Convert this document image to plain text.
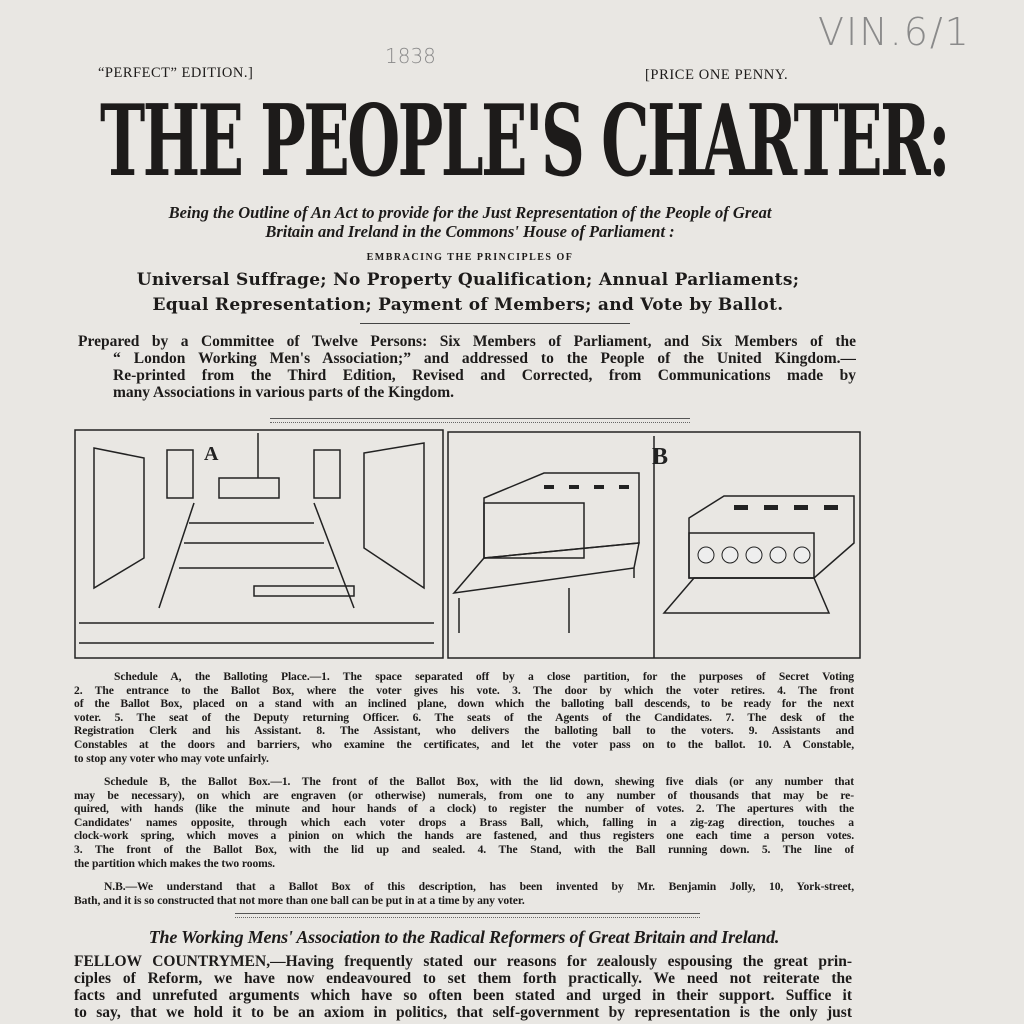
VIN.6/1
1838
“PERFECT” EDITION.]	[PRICE ONE PENNY.
THE PEOPLE'S CHARTER:
Being the Outline of An Act to provide for the Just Representation of the People of Great
Britain and Ireland in the Commons' House of Parliament :
EMBRACING THE PRINCIPLES OF
Universal Suffrage; No Property Qualification; Annual Parliaments;
Equal Representation; Payment of Members; and Vote by Ballot.
Prepared by a Committee of Twelve Persons: Six Members of Parliament, and Six Members of the
“ London Working Men's Association;” and addressed to the People of the United Kingdom.—
Re-printed from the Third Edition, Revised and Corrected, from Communications made by
many Associations in various parts of the Kingdom.
A	B
Schedule A, the Balloting Place.—1. The space separated off by a close partition, for the purposes of Secret Voting
2. The entrance to the Ballot Box, where the voter gives his vote. 3. The door by which the voter retires. 4. The front
of the Ballot Box, placed on a stand with an inclined plane, down which the balloting ball descends, to be ready for the next
voter. 5. The seat of the Deputy returning Officer. 6. The seats of the Agents of the Candidates. 7. The desk of the
Registration Clerk and his Assistant. 8. The Assistant, who delivers the balloting ball to the voters. 9. Assistants and
Constables at the doors and barriers, who examine the certificates, and let the voter pass on to the ballot. 10. A Constable,
to stop any voter who may vote unfairly.
Schedule B, the Ballot Box.—1. The front of the Ballot Box, with the lid down, shewing five dials (or any number that
may be necessary), on which are engraven (or otherwise) numerals, from one to any number of thousands that may be re-
quired, with hands (like the minute and hour hands of a clock) to register the number of votes. 2. The apertures with the
Candidates' names opposite, through which each voter drops a Brass Ball, which, falling in a zig-zag direction, touches a
clock-work spring, which moves a pinion on which the hands are fastened, and thus registers one each time a person votes.
3. The front of the Ballot Box, with the lid up and sealed. 4. The Stand, with the Ball running down. 5. The line of
the partition which makes the two rooms.
N.B.—We understand that a Ballot Box of this description, has been invented by Mr. Benjamin Jolly, 10, York-street,
Bath, and it is so constructed that not more than one ball can be put in at a time by any voter.
The Working Mens' Association to the Radical Reformers of Great Britain and Ireland.
FELLOW COUNTRYMEN,—Having frequently stated our reasons for zealously espousing the great prin-
ciples of Reform, we have now endeavoured to set them forth practically. We need not reiterate the
facts and unrefuted arguments which have so often been stated and urged in their support. Suffice it
to say, that we hold it to be an axiom in politics, that self-government by representation is the only just
